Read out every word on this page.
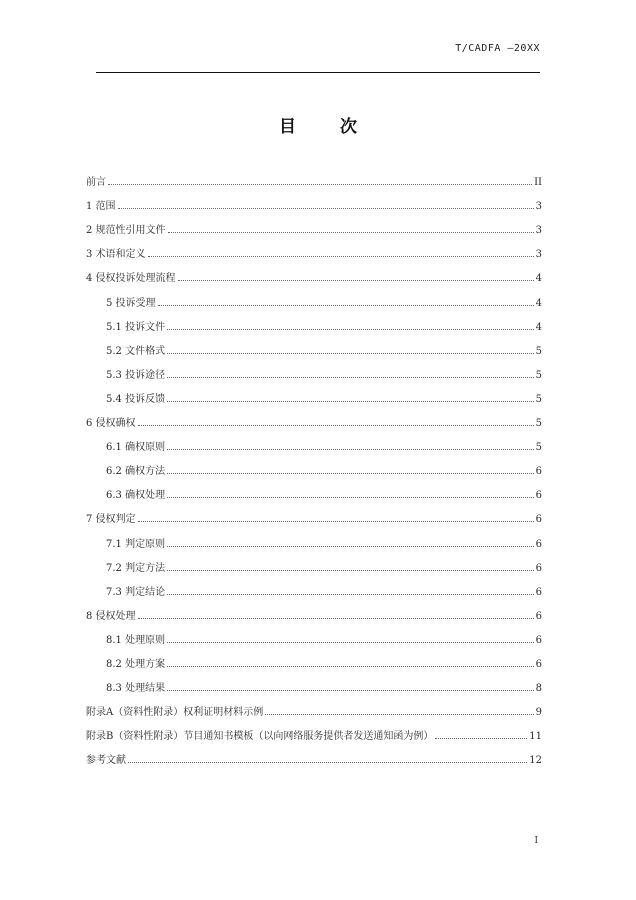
T/CADFA —20XX
目次
前言	II
1 范围	3
2 规范性引用文件	3
3 术语和定义	3
4 侵权投诉处理流程	4
5 投诉受理	4
5.1 投诉文件	4
5.2 文件格式	5
5.3 投诉途径	5
5.4 投诉反馈	5
6 侵权确权	5
6.1 确权原则	5
6.2 确权方法	6
6.3 确权处理	6
7 侵权判定	6
7.1 判定原则	6
7.2 判定方法	6
7.3 判定结论	6
8 侵权处理	6
8.1 处理原则	6
8.2 处理方案	6
8.3 处理结果	8
附录A（资料性附录）权利证明材料示例	9
附录B（资料性附录）节目通知书模板（以向网络服务提供者发送通知函为例）	11
参考文献	12
I
